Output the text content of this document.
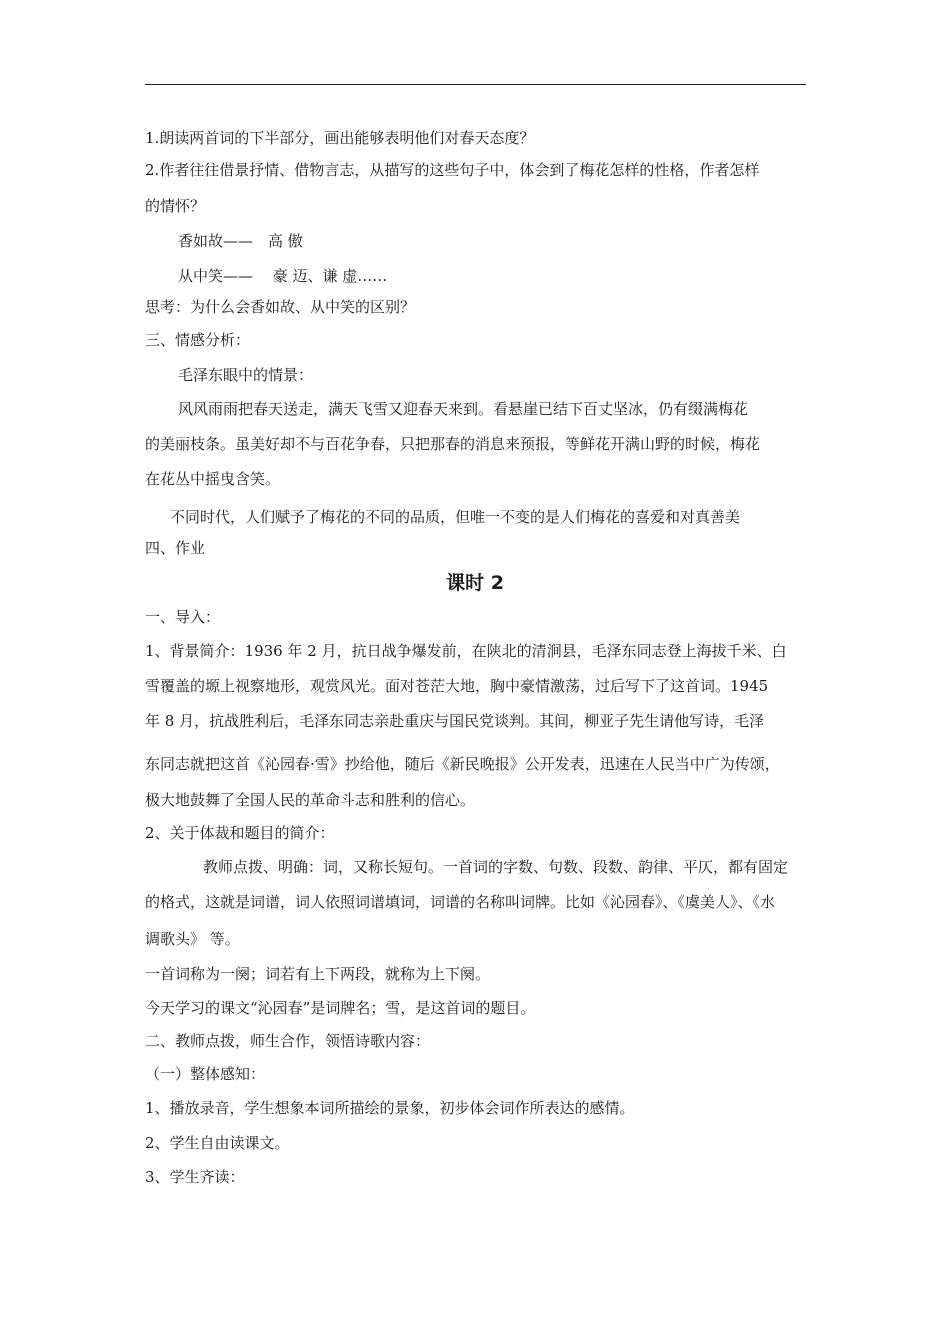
1.朗读两首词的下半部分，画出能够表明他们对春天态度？
2.作者往往借景抒情、借物言志，从描写的这些句子中，体会到了梅花怎样的性格，作者怎样
的情怀？
香如故——　高 傲
从中笑——　 豪 迈、谦 虚……
思考：为什么会香如故、从中笑的区别？
三、情感分析：
毛泽东眼中的情景：
风风雨雨把春天送走，满天飞雪又迎春天来到。看悬崖已结下百丈坚冰，仍有缀满梅花
的美丽枝条。虽美好却不与百花争春，只把那春的消息来预报，等鲜花开满山野的时候，梅花
在花丛中摇曳含笑。
不同时代，人们赋予了梅花的不同的品质，但唯一不变的是人们梅花的喜爱和对真善美
四、作业
课时 2
一、导入：
1、背景简介：1936 年 2 月，抗日战争爆发前，在陕北的清涧县，毛泽东同志登上海拔千米、白
雪覆盖的塬上视察地形，观赏风光。面对苍茫大地，胸中豪情激荡，过后写下了这首词。1945
年 8 月，抗战胜利后，毛泽东同志亲赴重庆与国民党谈判。其间，柳亚子先生请他写诗，毛泽
东同志就把这首《沁园春·雪》抄给他，随后《新民晚报》公开发表，迅速在人民当中广为传颂，
极大地鼓舞了全国人民的革命斗志和胜利的信心。
2、关于体裁和题目的简介：
教师点拨、明确：词，又称长短句。一首词的字数、句数、段数、韵律、平仄，都有固定
的格式，这就是词谱，词人依照词谱填词，词谱的名称叫词牌。比如《沁园春》、《虞美人》、《水
调歌头》 等。
一首词称为一阕；词若有上下两段，就称为上下阕。
今天学习的课文“沁园春”是词牌名；雪，是这首词的题目。
二、教师点拨，师生合作，领悟诗歌内容：
（一）整体感知：
1、播放录音，学生想象本词所描绘的景象，初步体会词作所表达的感情。
2、学生自由读课文。
3、学生齐读：
